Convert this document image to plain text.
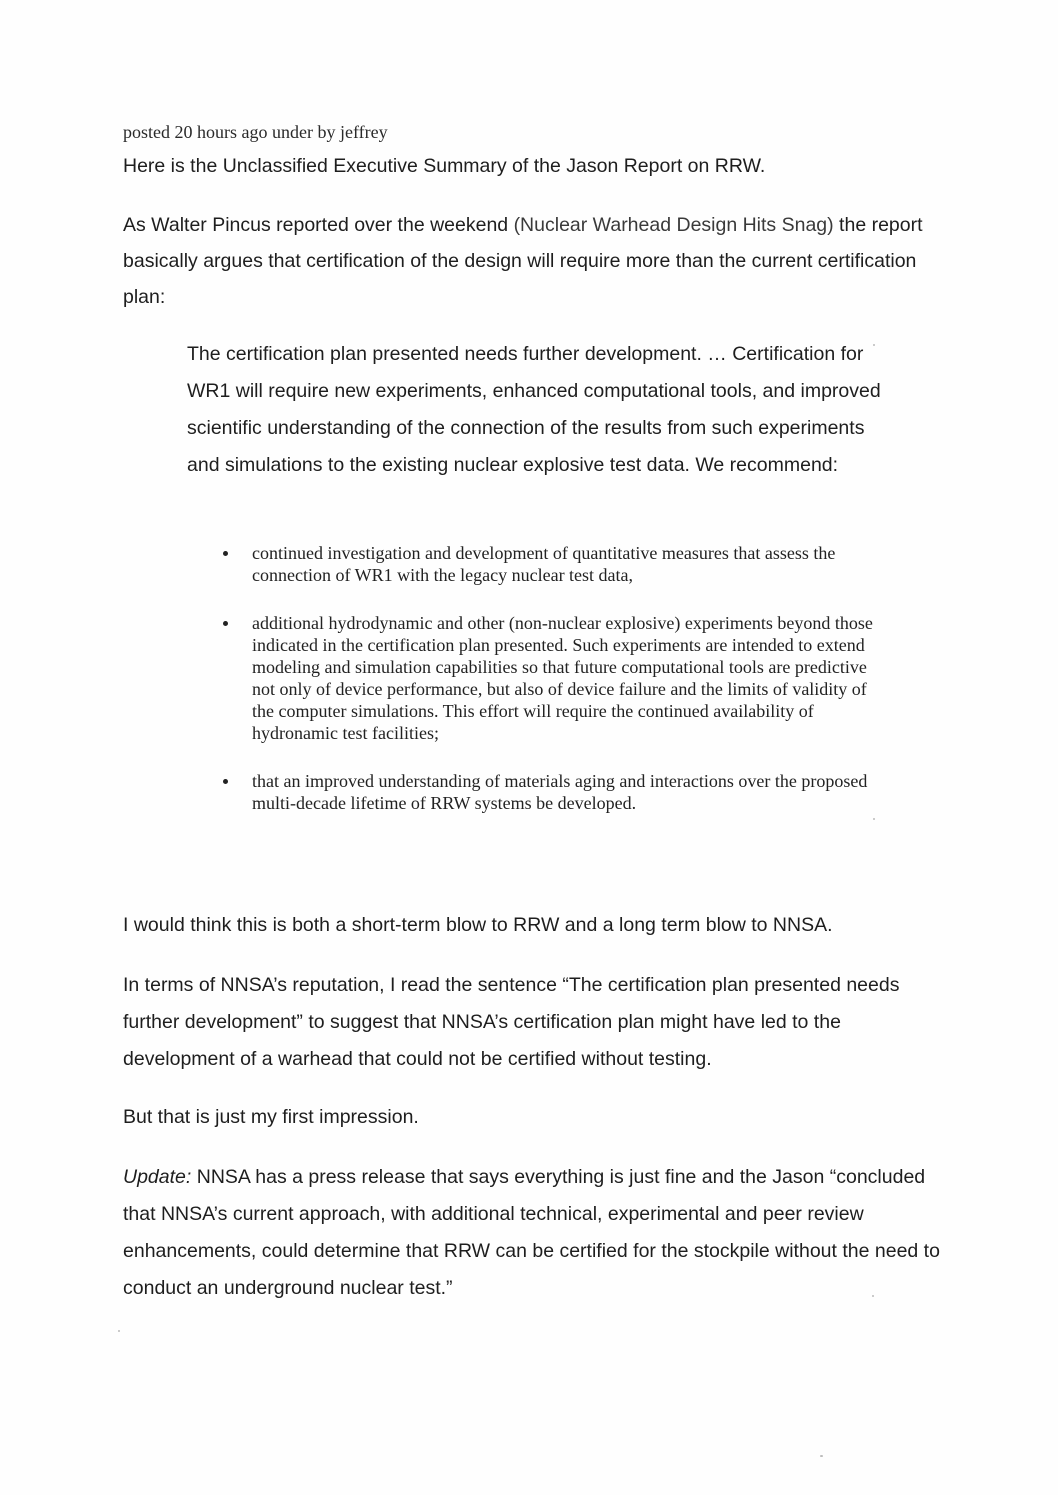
posted 20 hours ago under by jeffrey

Here is the Unclassified Executive Summary of the Jason Report on RRW.

As Walter Pincus reported over the weekend (Nuclear Warhead Design Hits Snag) the report basically argues that certification of the design will require more than the current certification plan:

The certification plan presented needs further development. … Certification for WR1 will require new experiments, enhanced computational tools, and improved scientific understanding of the connection of the results from such experiments and simulations to the existing nuclear explosive test data. We recommend:

continued investigation and development of quantitative measures that assess the connection of WR1 with the legacy nuclear test data,
additional hydrodynamic and other (non-nuclear explosive) experiments beyond those indicated in the certification plan presented. Such experiments are intended to extend modeling and simulation capabilities so that future computational tools are predictive not only of device performance, but also of device failure and the limits of validity of the computer simulations. This effort will require the continued availability of hydronamic test facilities;
that an improved understanding of materials aging and interactions over the proposed multi-decade lifetime of RRW systems be developed.

I would think this is both a short-term blow to RRW and a long term blow to NNSA.

In terms of NNSA’s reputation, I read the sentence “The certification plan presented needs further development” to suggest that NNSA’s certification plan might have led to the development of a warhead that could not be certified without testing.

But that is just my first impression.

Update: NNSA has a press release that says everything is just fine and the Jason “concluded that NNSA’s current approach, with additional technical, experimental and peer review enhancements, could determine that RRW can be certified for the stockpile without the need to conduct an underground nuclear test.”
